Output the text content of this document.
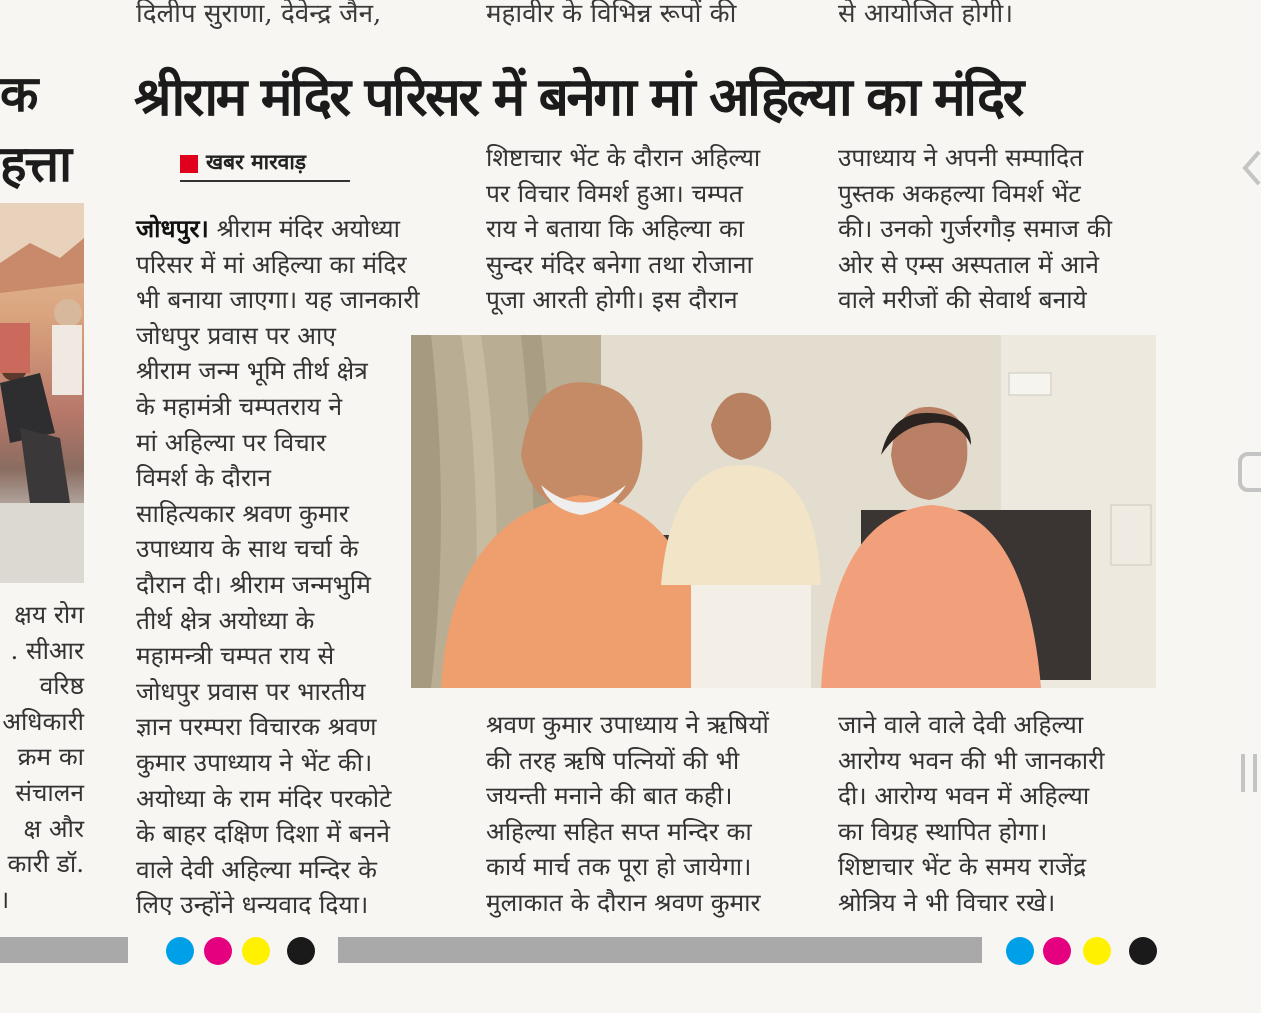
दिलीप सुराणा, देवेन्द्र जैन,	महावीर के विभिन्न रूपों की	से आयोजित होगी।
क
हत्ता
क्षय रोग
. सीआर
वरिष्ठ
अधिकारी
क्रम का
संचालन
क्ष और
कारी डॉ.
।
श्रीराम मंदिर परिसर में बनेगा मां अहिल्या का मंदिर
खबर मारवाड़
जोधपुर। श्रीराम मंदिर अयोध्या
परिसर में मां अहिल्या का मंदिर
भी बनाया जाएगा। यह जानकारी
जोधपुर प्रवास पर आए
श्रीराम जन्म भूमि तीर्थ क्षेत्र
के महामंत्री चम्पतराय ने
मां अहिल्या पर विचार
विमर्श के दौरान
साहित्यकार श्रवण कुमार
उपाध्याय के साथ चर्चा के
दौरान दी। श्रीराम जन्मभुमि
तीर्थ क्षेत्र अयोध्या के
महामन्त्री चम्पत राय से
जोधपुर प्रवास पर भारतीय
ज्ञान परम्परा विचारक श्रवण
कुमार उपाध्याय ने भेंट की।
अयोध्या के राम मंदिर परकोटे
के बाहर दक्षिण दिशा में बनने
वाले देवी अहिल्या मन्दिर के
लिए उन्होंने धन्यवाद दिया।
शिष्टाचार भेंट के दौरान अहिल्या
पर विचार विमर्श हुआ। चम्पत
राय ने बताया कि अहिल्या का
सुन्दर मंदिर बनेगा तथा रोजाना
पूजा आरती होगी। इस दौरान
उपाध्याय ने अपनी सम्पादित
पुस्तक अकहल्या विमर्श भेंट
की। उनको गुर्जरगौड़ समाज की
ओर से एम्स अस्पताल में आने
वाले मरीजों की सेवार्थ बनाये
श्रवण कुमार उपाध्याय ने ऋषियों
की तरह ऋषि पत्नियों की भी
जयन्ती मनाने की बात कही।
अहिल्या सहित सप्त मन्दिर का
कार्य मार्च तक पूरा हो जायेगा।
मुलाकात के दौरान श्रवण कुमार
जाने वाले वाले देवी अहिल्या
आरोग्य भवन की भी जानकारी
दी। आरोग्य भवन में अहिल्या
का विग्रह स्थापित होगा।
शिष्टाचार भेंट के समय राजेंद्र
श्रोत्रिय ने भी विचार रखे।
